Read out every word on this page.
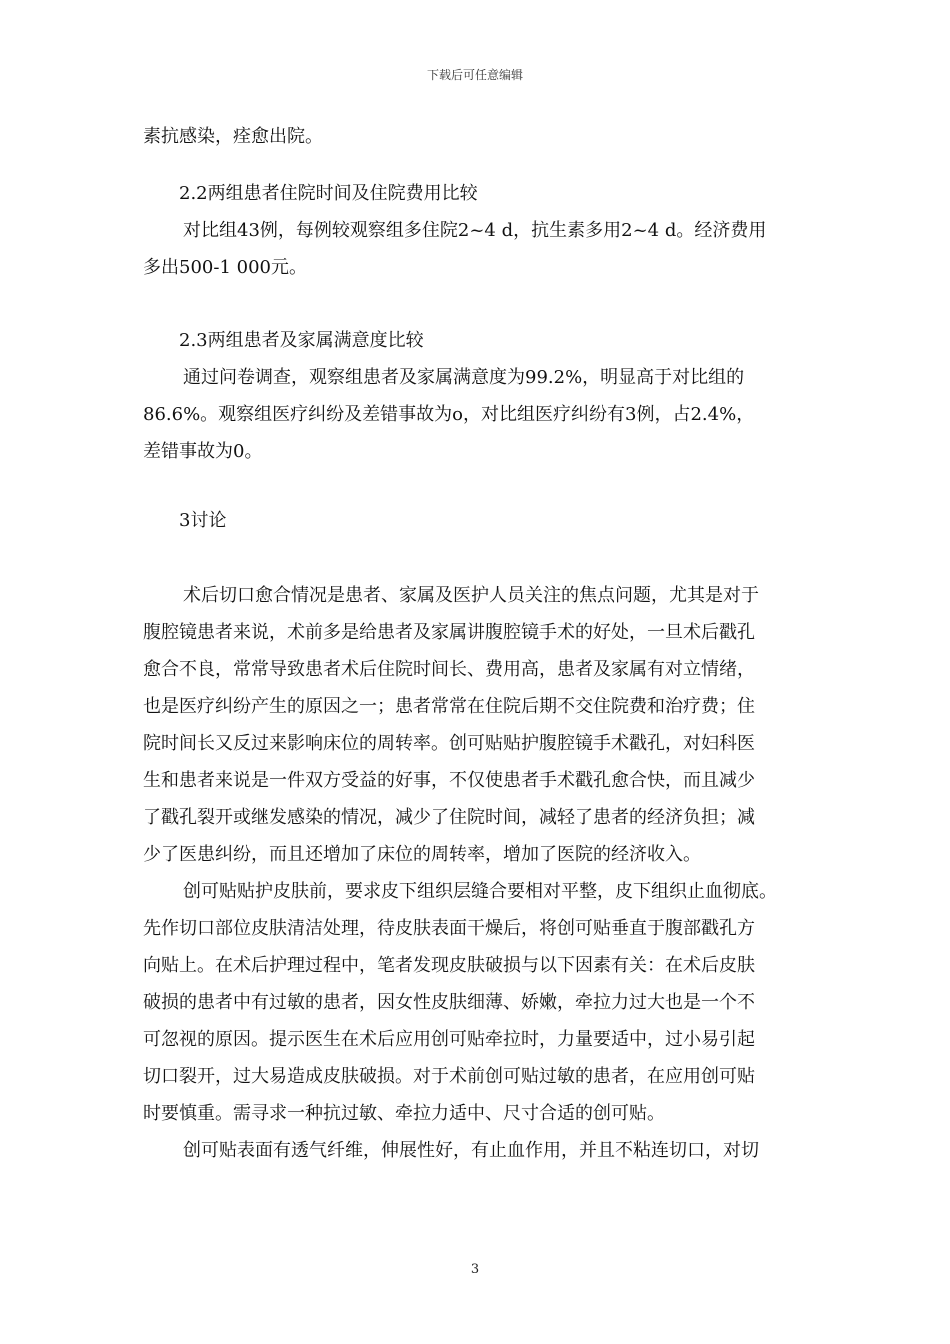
下载后可任意编辑

素抗感染，痊愈出院。

2.2两组患者住院时间及住院费用比较

对比组43例，每例较观察组多住院2~4 d，抗生素多用2~4 d。经济费用

多出500-1 000元。

2.3两组患者及家属满意度比较

通过问卷调查，观察组患者及家属满意度为99.2%，明显高于对比组的

86.6%。观察组医疗纠纷及差错事故为o，对比组医疗纠纷有3例，占2.4%，

差错事故为0。

3讨论

术后切口愈合情况是患者、家属及医护人员关注的焦点问题，尤其是对于

腹腔镜患者来说，术前多是给患者及家属讲腹腔镜手术的好处，一旦术后戳孔

愈合不良，常常导致患者术后住院时间长、费用高，患者及家属有对立情绪，

也是医疗纠纷产生的原因之一；患者常常在住院后期不交住院费和治疗费；住

院时间长又反过来影响床位的周转率。创可贴贴护腹腔镜手术戳孔，对妇科医

生和患者来说是一件双方受益的好事，不仅使患者手术戳孔愈合快，而且减少

了戳孔裂开或继发感染的情况，减少了住院时间，减轻了患者的经济负担；减

少了医患纠纷，而且还增加了床位的周转率，增加了医院的经济收入。

创可贴贴护皮肤前，要求皮下组织层缝合要相对平整，皮下组织止血彻底。

先作切口部位皮肤清洁处理，待皮肤表面干燥后，将创可贴垂直于腹部戳孔方

向贴上。在术后护理过程中，笔者发现皮肤破损与以下因素有关：在术后皮肤

破损的患者中有过敏的患者，因女性皮肤细薄、娇嫩，牵拉力过大也是一个不

可忽视的原因。提示医生在术后应用创可贴牵拉时，力量要适中，过小易引起

切口裂开，过大易造成皮肤破损。对于术前创可贴过敏的患者，在应用创可贴

时要慎重。需寻求一种抗过敏、牵拉力适中、尺寸合适的创可贴。

创可贴表面有透气纤维，伸展性好，有止血作用，并且不粘连切口，对切

3
